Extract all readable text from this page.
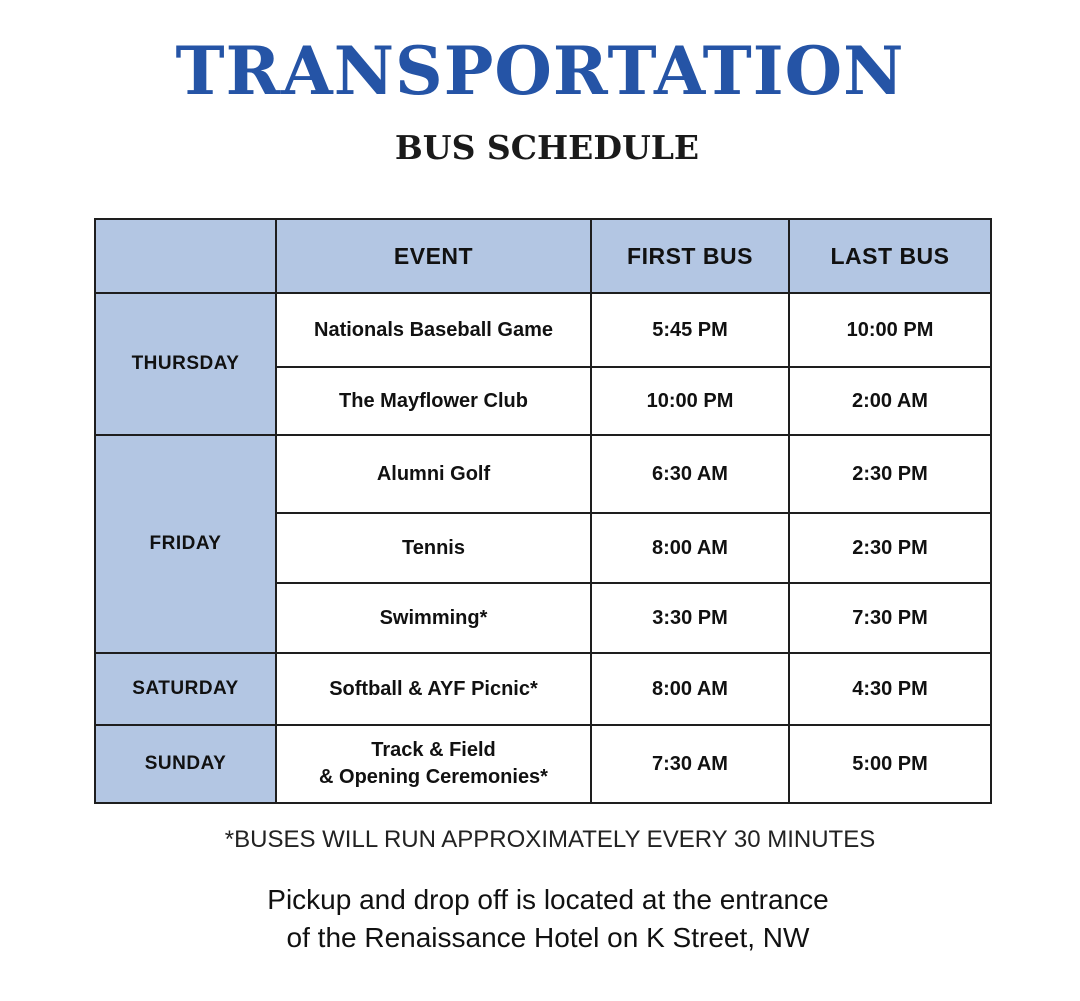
TRANSPORTATION
BUS SCHEDULE
	EVENT	FIRST BUS	LAST BUS
THURSDAY	Nationals Baseball Game	5:45 PM	10:00 PM
	The Mayflower Club	10:00 PM	2:00 AM
FRIDAY	Alumni Golf	6:30 AM	2:30 PM
	Tennis	8:00 AM	2:30 PM
	Swimming*	3:30 PM	7:30 PM
SATURDAY	Softball & AYF Picnic*	8:00 AM	4:30 PM
SUNDAY	Track & Field
& Opening Ceremonies*	7:30 AM	5:00 PM
*BUSES WILL RUN APPROXIMATELY EVERY 30 MINUTES
Pickup and drop off is located at the entrance
of the Renaissance Hotel on K Street, NW
